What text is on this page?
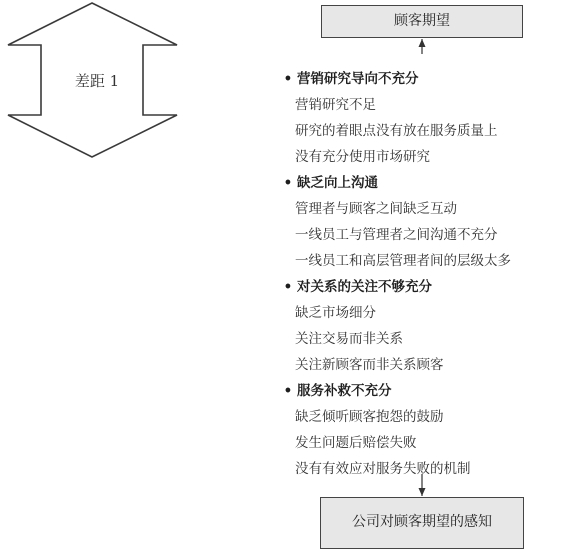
差距 1
顾客期望
• 营销研究导向不充分
营销研究不足
研究的着眼点没有放在服务质量上
没有充分使用市场研究
• 缺乏向上沟通
管理者与顾客之间缺乏互动
一线员工与管理者之间沟通不充分
一线员工和高层管理者间的层级太多
• 对关系的关注不够充分
缺乏市场细分
关注交易而非关系
关注新顾客而非关系顾客
• 服务补救不充分
缺乏倾听顾客抱怨的鼓励
发生问题后赔偿失败
没有有效应对服务失败的机制
公司对顾客期望的感知
